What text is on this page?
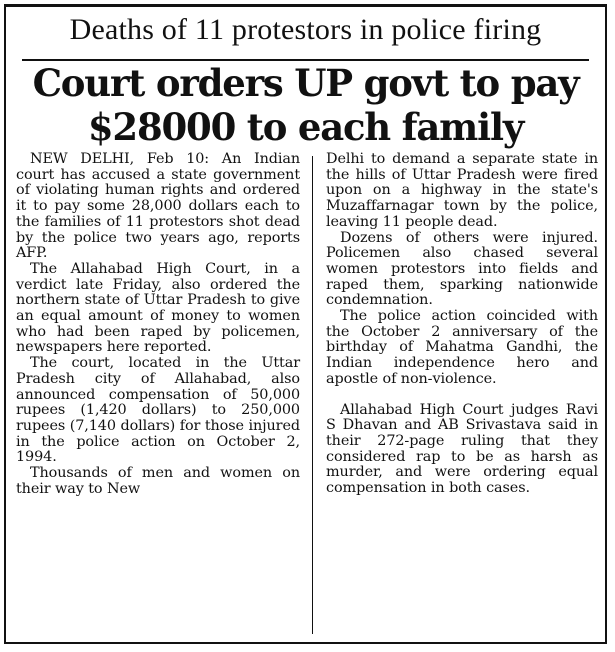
Deaths of 11 protestors in police firing
Court orders UP govt to pay
$28000 to each family

NEW DELHI, Feb 10: An Indian court has accused a state government of violating human rights and ordered it to pay some 28,000 dollars each to the families of 11 protestors shot dead by the police two years ago, reports AFP.

The Allahabad High Court, in a verdict late Friday, also ordered the northern state of Uttar Pradesh to give an equal amount of money to women who had been raped by policemen, newspapers here reported.

The court, located in the Uttar Pradesh city of Allahabad, also announced compensation of 50,000 rupees (1,420 dollars) to 250,000 rupees (7,140 dollars) for those injured in the police action on October 2, 1994.

Thousands of men and women on their way to New

Delhi to demand a separate state in the hills of Uttar Pradesh were fired upon on a highway in the state's Muzaffarnagar town by the police, leaving 11 people dead.

Dozens of others were injured. Policemen also chased several women protestors into fields and raped them, sparking nationwide condemnation.

The police action coincided with the October 2 anniversary of the birthday of Mahatma Gandhi, the Indian independence hero and apostle of non-violence.

Allahabad High Court judges Ravi S Dhavan and AB Srivastava said in their 272-page ruling that they considered rap to be as harsh as murder, and were ordering equal compensation in both cases.
